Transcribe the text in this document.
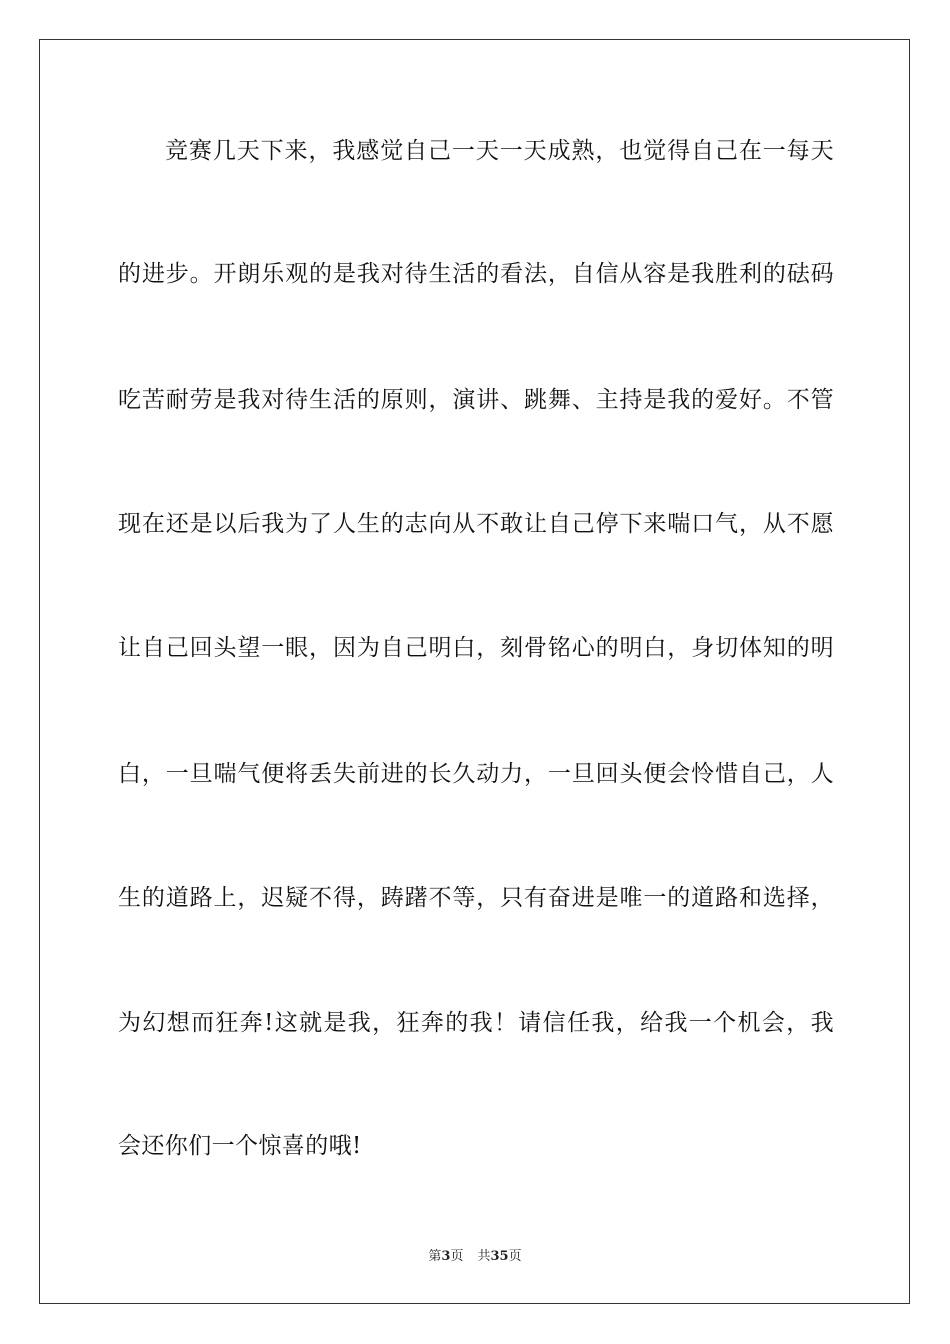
竞赛几天下来，我感觉自己一天一天成熟，也觉得自己在一每天
的进步。开朗乐观的是我对待生活的看法，自信从容是我胜利的砝码
吃苦耐劳是我对待生活的原则，演讲、跳舞、主持是我的爱好。不管
现在还是以后我为了人生的志向从不敢让自己停下来喘口气，从不愿
让自己回头望一眼，因为自己明白，刻骨铭心的明白，身切体知的明
白，一旦喘气便将丢失前进的长久动力，一旦回头便会怜惜自己，人
生的道路上，迟疑不得，踌躇不等，只有奋进是唯一的道路和选择，
为幻想而狂奔!这就是我，狂奔的我！请信任我，给我一个机会，我
会还你们一个惊喜的哦!
第3页 共35页
